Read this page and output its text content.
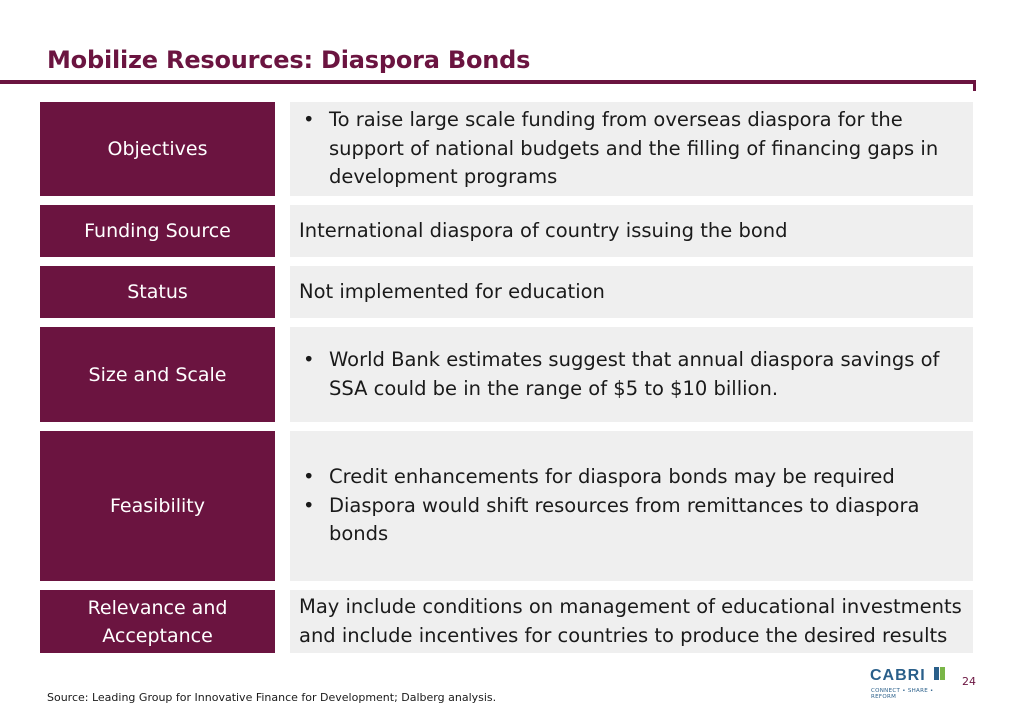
Mobilize Resources: Diaspora Bonds
Objectives
• To raise large scale funding from overseas diaspora for the support of national budgets and the filling of financing gaps in development programs
Funding Source	International diaspora of country issuing the bond
Status	Not implemented for education
Size and Scale
• World Bank estimates suggest that annual diaspora savings of SSA could be in the range of $5 to $10 billion.
Feasibility
• Credit enhancements for diaspora bonds may be required
• Diaspora would shift resources from remittances to diaspora bonds
Relevance and Acceptance
May include conditions on management of educational investments and include incentives for countries to produce the desired results
CABRI
CONNECT • SHARE • REFORM
24
Source: Leading Group for Innovative Finance for Development; Dalberg analysis.
